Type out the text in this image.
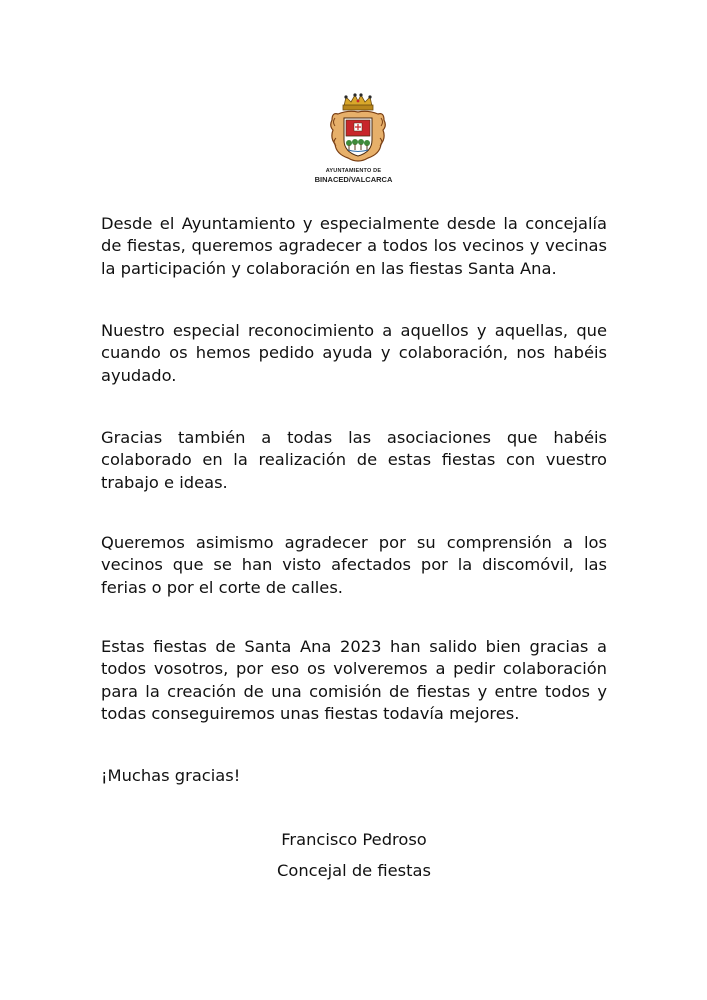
AYUNTAMIENTO DE
BINACED/VALCARCA

Desde el Ayuntamiento y especialmente desde la concejalía de fiestas, queremos agradecer a todos los vecinos y vecinas la participación y colaboración en las fiestas Santa Ana.

Nuestro especial reconocimiento a aquellos y aquellas, que cuando os hemos pedido ayuda y colaboración, nos habéis ayudado.

Gracias también a todas las asociaciones que habéis colaborado en la realización de estas fiestas con vuestro trabajo e ideas.

Queremos asimismo agradecer por su comprensión a los vecinos que se han visto afectados por la discomóvil, las ferias o por el corte de calles.

Estas fiestas de Santa Ana 2023 han salido bien gracias a todos vosotros, por eso os volveremos a pedir colaboración para la creación de una comisión de fiestas y entre todos y todas conseguiremos unas fiestas todavía mejores.

¡Muchas gracias!

Francisco Pedroso
Concejal de fiestas
